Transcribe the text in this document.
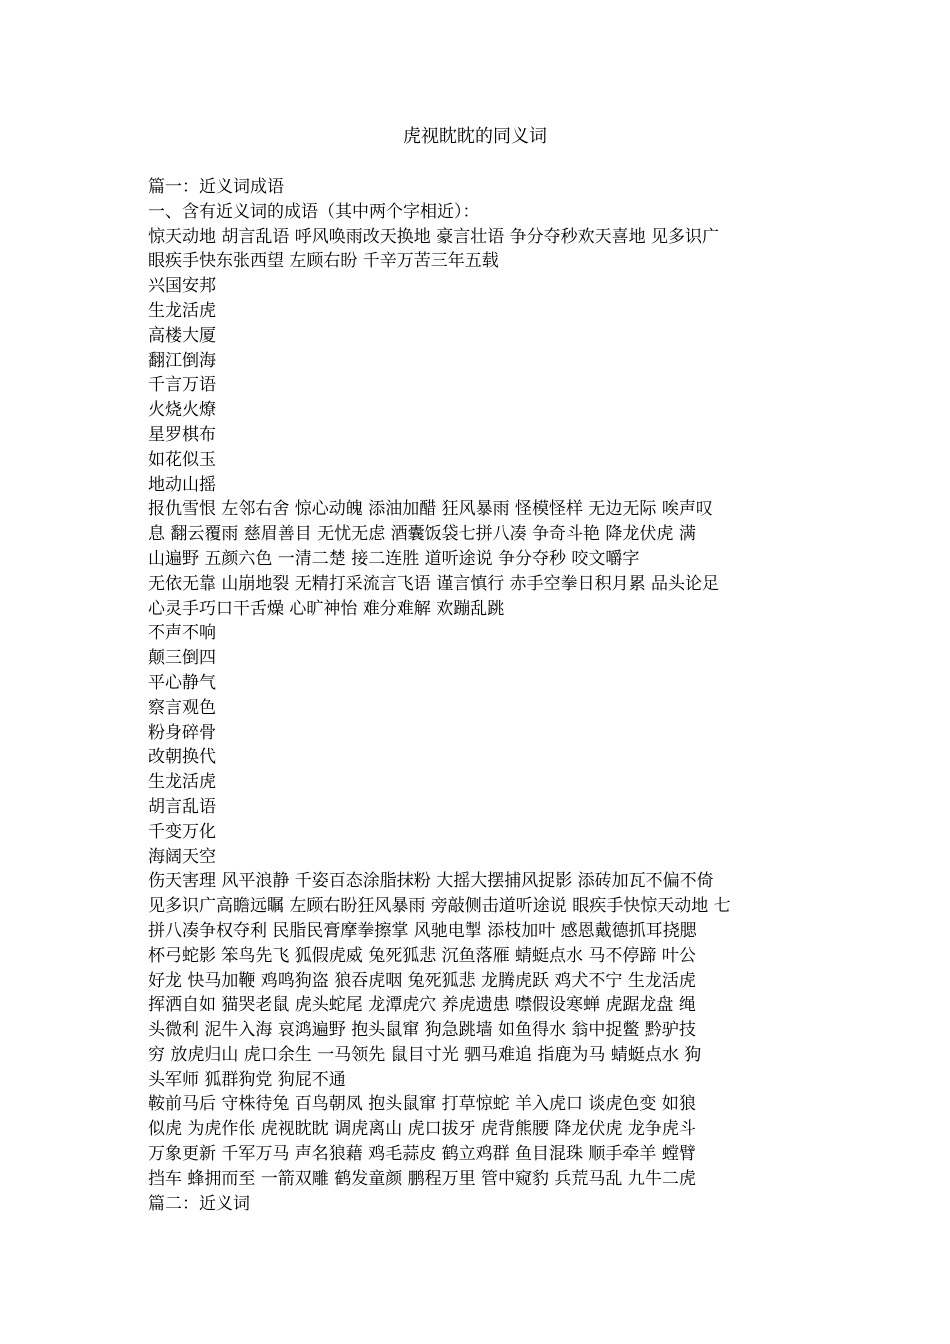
虎视眈眈的同义词
篇一：近义词成语
一、含有近义词的成语（其中两个字相近）：
惊天动地 胡言乱语 呼风唤雨改天换地 豪言壮语 争分夺秒欢天喜地 见多识广
眼疾手快东张西望 左顾右盼 千辛万苦三年五载
兴国安邦
生龙活虎
高楼大厦
翻江倒海
千言万语
火烧火燎
星罗棋布
如花似玉
地动山摇
报仇雪恨 左邻右舍 惊心动魄 添油加醋 狂风暴雨 怪模怪样 无边无际 唉声叹
息 翻云覆雨 慈眉善目 无忧无虑 酒囊饭袋七拼八凑 争奇斗艳 降龙伏虎 满
山遍野 五颜六色 一清二楚 接二连胜 道听途说 争分夺秒 咬文嚼字
无依无靠 山崩地裂 无精打采流言飞语 谨言慎行 赤手空拳日积月累 品头论足
心灵手巧口干舌燥 心旷神怡 难分难解 欢蹦乱跳
不声不响
颠三倒四
平心静气
察言观色
粉身碎骨
改朝换代
生龙活虎
胡言乱语
千变万化
海阔天空
伤天害理 风平浪静 千姿百态涂脂抹粉 大摇大摆捕风捉影 添砖加瓦不偏不倚
见多识广高瞻远瞩 左顾右盼狂风暴雨 旁敲侧击道听途说 眼疾手快惊天动地 七
拼八凑争权夺利 民脂民膏摩拳擦掌 风驰电掣 添枝加叶 感恩戴德抓耳挠腮
杯弓蛇影 笨鸟先飞 狐假虎威 兔死狐悲 沉鱼落雁 蜻蜓点水 马不停蹄 叶公
好龙 快马加鞭 鸡鸣狗盗 狼吞虎咽 兔死狐悲 龙腾虎跃 鸡犬不宁 生龙活虎
挥洒自如 猫哭老鼠 虎头蛇尾 龙潭虎穴 养虎遗患 噤假设寒蝉 虎踞龙盘 绳
头微利 泥牛入海 哀鸿遍野 抱头鼠窜 狗急跳墙 如鱼得水 翁中捉鳖 黔驴技
穷 放虎归山 虎口余生 一马领先 鼠目寸光 驷马难追 指鹿为马 蜻蜓点水 狗
头军师 狐群狗党 狗屁不通
鞍前马后 守株待兔 百鸟朝凤 抱头鼠窜 打草惊蛇 羊入虎口 谈虎色变 如狼
似虎 为虎作伥 虎视眈眈 调虎离山 虎口拔牙 虎背熊腰 降龙伏虎 龙争虎斗
万象更新 千军万马 声名狼藉 鸡毛蒜皮 鹤立鸡群 鱼目混珠 顺手牵羊 螳臂
挡车 蜂拥而至 一箭双雕 鹤发童颜 鹏程万里 管中窥豹 兵荒马乱 九牛二虎
篇二：近义词
